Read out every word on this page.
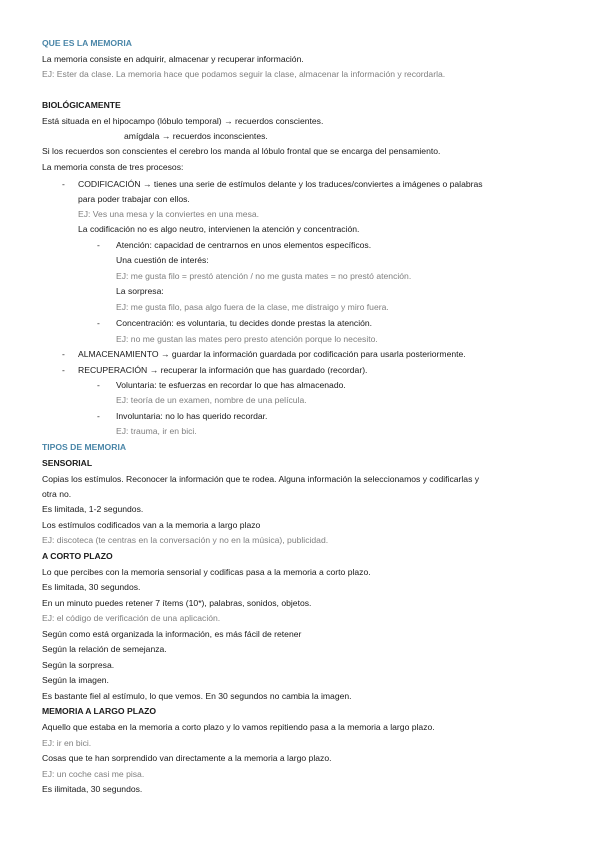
QUE ES LA MEMORIA
La memoria consiste en adquirir, almacenar y recuperar información.
EJ: Ester da clase. La memoria hace que podamos seguir la clase, almacenar la información y recordarla.
BIOLÓGICAMENTE
Está situada en el hipocampo (lóbulo temporal) → recuerdos conscientes.
amígdala → recuerdos inconscientes.
Si los recuerdos son conscientes el cerebro los manda al lóbulo frontal que se encarga del pensamiento.
La memoria consta de tres procesos:
- CODIFICACIÓN → tienes una serie de estímulos delante y los traduces/conviertes a imágenes o palabras
para poder trabajar con ellos.
EJ: Ves una mesa y la conviertes en una mesa.
La codificación no es algo neutro, intervienen la atención y concentración.
- Atención: capacidad de centrarnos en unos elementos específicos.
Una cuestión de interés:
EJ: me gusta filo = prestó atención / no me gusta mates = no prestó atención.
La sorpresa:
EJ: me gusta filo, pasa algo fuera de la clase, me distraigo y miro fuera.
- Concentración: es voluntaria, tu decides donde prestas la atención.
EJ: no me gustan las mates pero presto atención porque lo necesito.
- ALMACENAMIENTO → guardar la información guardada por codificación para usarla posteriormente.
- RECUPERACIÓN → recuperar la información que has guardado (recordar).
- Voluntaria: te esfuerzas en recordar lo que has almacenado.
EJ: teoría de un examen, nombre de una película.
- Involuntaria: no lo has querido recordar.
EJ: trauma, ir en bici.
TIPOS DE MEMORIA
SENSORIAL
Copias los estímulos. Reconocer la información que te rodea. Alguna información la seleccionamos y codificarlas y
otra no.
Es limitada, 1-2 segundos.
Los estímulos codificados van a la memoria a largo plazo
EJ: discoteca (te centras en la conversación y no en la música), publicidad.
A CORTO PLAZO
Lo que percibes con la memoria sensorial y codificas pasa a la memoria a corto plazo.
Es limitada, 30 segundos.
En un minuto puedes retener 7 ítems (10*), palabras, sonidos, objetos.
EJ: el código de verificación de una aplicación.
Según como está organizada la información, es más fácil de retener
Según la relación de semejanza.
Según la sorpresa.
Según la imagen.
Es bastante fiel al estímulo, lo que vemos. En 30 segundos no cambia la imagen.
MEMORIA A LARGO PLAZO
Aquello que estaba en la memoria a corto plazo y lo vamos repitiendo pasa a la memoria a largo plazo.
EJ: ir en bici.
Cosas que te han sorprendido van directamente a la memoria a largo plazo.
EJ: un coche casi me pisa.
Es ilimitada, 30 segundos.
